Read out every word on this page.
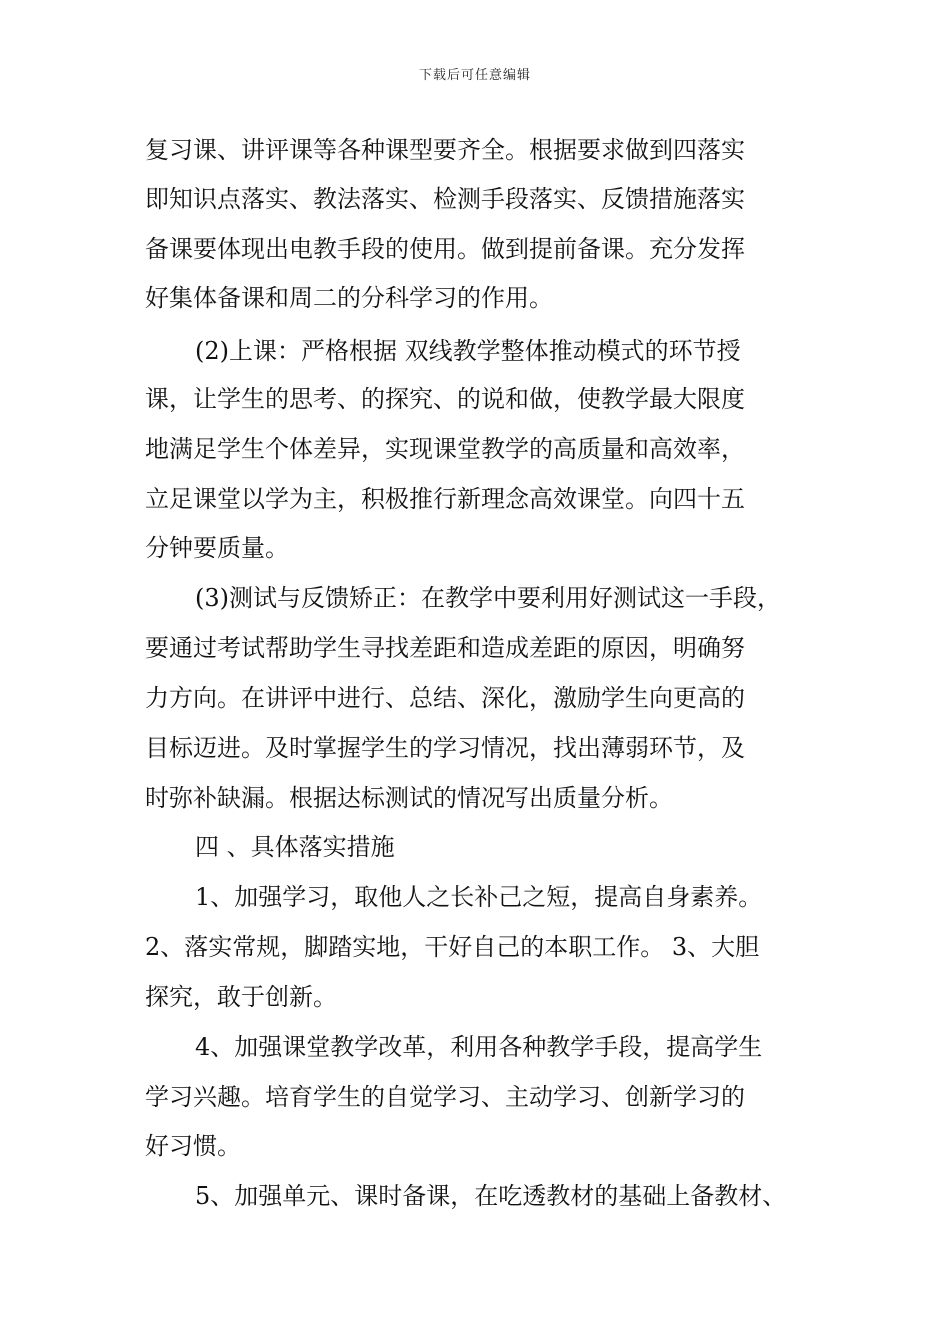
下载后可任意编辑
复习课、讲评课等各种课型要齐全。根据要求做到四落实
即知识点落实、教法落实、检测手段落实、反馈措施落实
备课要体现出电教手段的使用。做到提前备课。充分发挥
好集体备课和周二的分科学习的作用。
(2)上课：严格根据 双线教学整体推动模式的环节授
课，让学生的思考、的探究、的说和做，使教学最大限度
地满足学生个体差异，实现课堂教学的高质量和高效率，
立足课堂以学为主，积极推行新理念高效课堂。向四十五
分钟要质量。
(3)测试与反馈矫正：在教学中要利用好测试这一手段，
要通过考试帮助学生寻找差距和造成差距的原因，明确努
力方向。在讲评中进行、总结、深化，激励学生向更高的
目标迈进。及时掌握学生的学习情况，找出薄弱环节，及
时弥补缺漏。根据达标测试的情况写出质量分析。
四 、具体落实措施
1、加强学习，取他人之长补己之短，提高自身素养。
2、落实常规，脚踏实地，干好自己的本职工作。 3、大胆
探究，敢于创新。
4、加强课堂教学改革，利用各种教学手段，提高学生
学习兴趣。培育学生的自觉学习、主动学习、创新学习的
好习惯。
5、加强单元、课时备课，在吃透教材的基础上备教材、
